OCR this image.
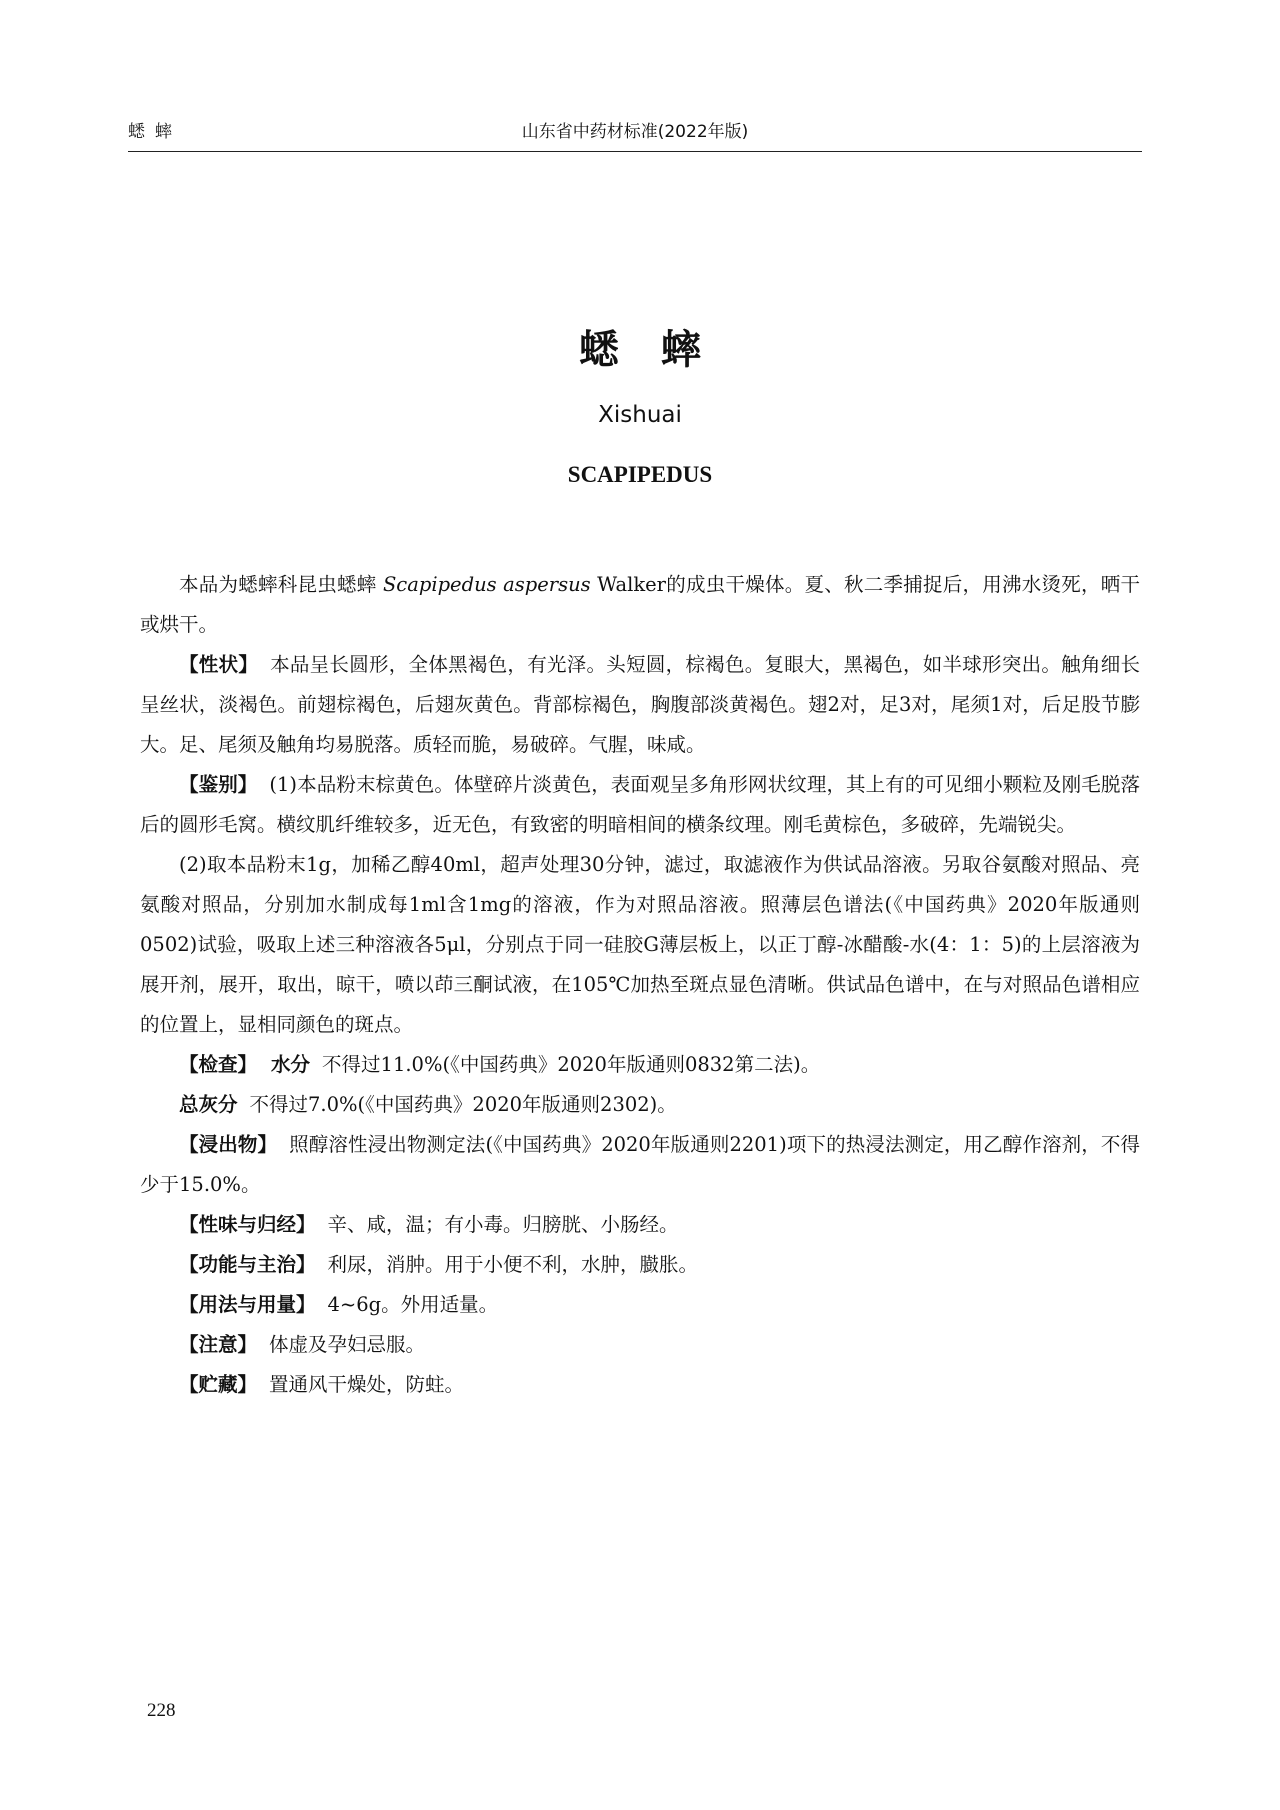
蟋蟀	山东省中药材标准(2022年版)
蟋蟀
Xishuai
SCAPIPEDUS

本品为蟋蟀科昆虫蟋蟀 Scapipedus aspersus Walker的成虫干燥体。夏、秋二季捕捉后，用沸水烫死，晒干或烘干。

【性状】 本品呈长圆形，全体黑褐色，有光泽。头短圆，棕褐色。复眼大，黑褐色，如半球形突出。触角细长呈丝状，淡褐色。前翅棕褐色，后翅灰黄色。背部棕褐色，胸腹部淡黄褐色。翅2对，足3对，尾须1对，后足股节膨大。足、尾须及触角均易脱落。质轻而脆，易破碎。气腥，味咸。

【鉴别】 (1)本品粉末棕黄色。体壁碎片淡黄色，表面观呈多角形网状纹理，其上有的可见细小颗粒及刚毛脱落后的圆形毛窝。横纹肌纤维较多，近无色，有致密的明暗相间的横条纹理。刚毛黄棕色，多破碎，先端锐尖。

(2)取本品粉末1g，加稀乙醇40ml，超声处理30分钟，滤过，取滤液作为供试品溶液。另取谷氨酸对照品、亮氨酸对照品，分别加水制成每1ml含1mg的溶液，作为对照品溶液。照薄层色谱法(《中国药典》2020年版通则0502)试验，吸取上述三种溶液各5μl，分别点于同一硅胶G薄层板上，以正丁醇-冰醋酸-水(4：1：5)的上层溶液为展开剂，展开，取出，晾干，喷以茚三酮试液，在105℃加热至斑点显色清晰。供试品色谱中，在与对照品色谱相应的位置上，显相同颜色的斑点。

【检查】 水分 不得过11.0%(《中国药典》2020年版通则0832第二法)。

总灰分 不得过7.0%(《中国药典》2020年版通则2302)。

【浸出物】 照醇溶性浸出物测定法(《中国药典》2020年版通则2201)项下的热浸法测定，用乙醇作溶剂，不得少于15.0%。

【性味与归经】 辛、咸，温；有小毒。归膀胱、小肠经。

【功能与主治】 利尿，消肿。用于小便不利，水肿，臌胀。

【用法与用量】 4~6g。外用适量。

【注意】 体虚及孕妇忌服。

【贮藏】 置通风干燥处，防蛀。

228
